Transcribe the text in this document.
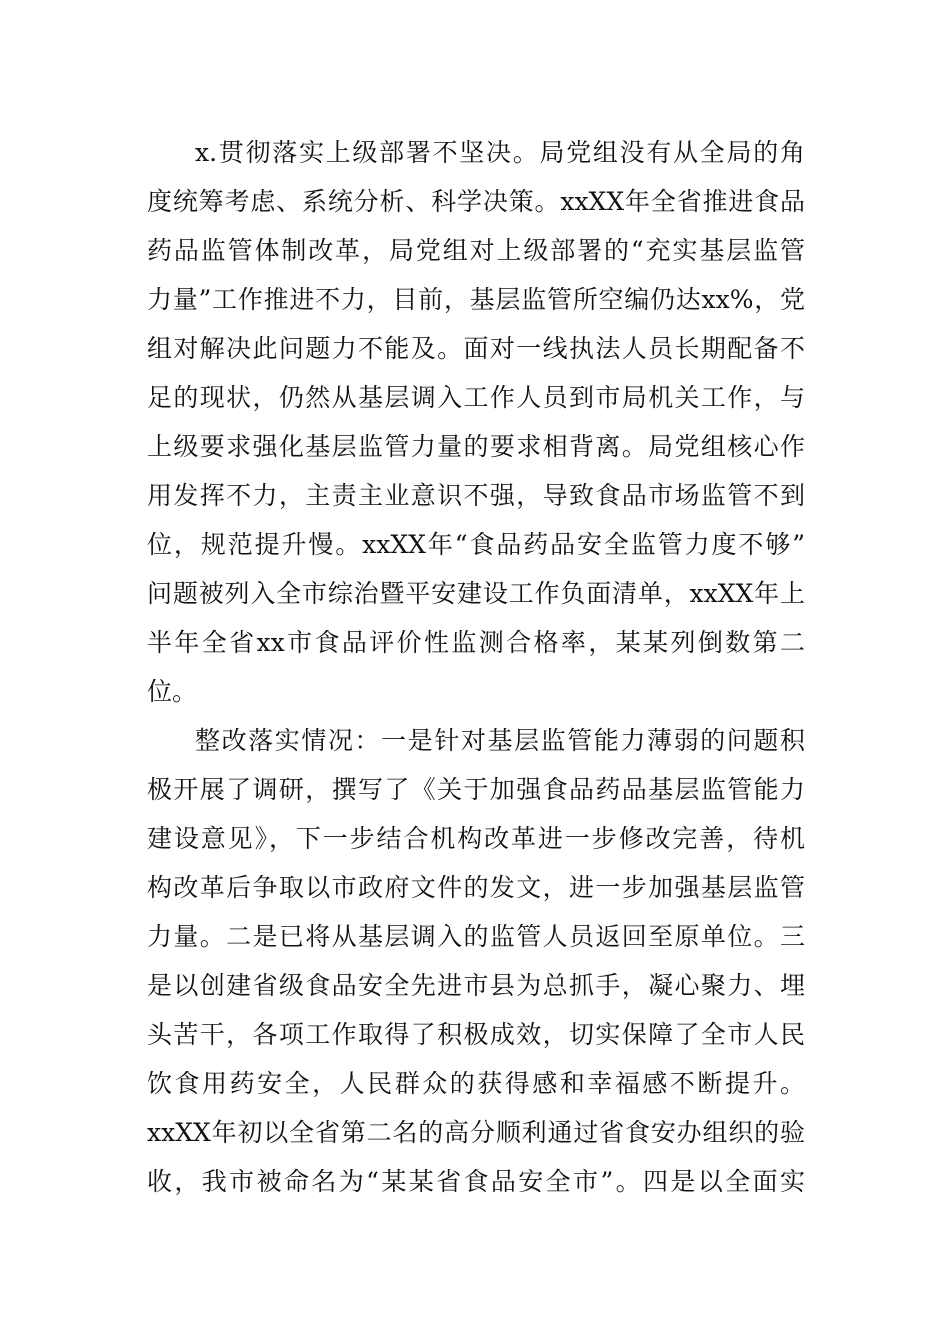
x.贯彻落实上级部署不坚决。局党组没有从全局的角
度统筹考虑、系统分析、科学决策。xxXX年全省推进食品
药品监管体制改革，局党组对上级部署的“充实基层监管
力量”工作推进不力，目前，基层监管所空编仍达xx%，党
组对解决此问题力不能及。面对一线执法人员长期配备不
足的现状，仍然从基层调入工作人员到市局机关工作，与
上级要求强化基层监管力量的要求相背离。局党组核心作
用发挥不力，主责主业意识不强，导致食品市场监管不到
位，规范提升慢。xxXX年“食品药品安全监管力度不够”
问题被列入全市综治暨平安建设工作负面清单，xxXX年上
半年全省xx市食品评价性监测合格率，某某列倒数第二
位。
整改落实情况：一是针对基层监管能力薄弱的问题积
极开展了调研，撰写了《关于加强食品药品基层监管能力
建设意见》，下一步结合机构改革进一步修改完善，待机
构改革后争取以市政府文件的发文，进一步加强基层监管
力量。二是已将从基层调入的监管人员返回至原单位。三
是以创建省级食品安全先进市县为总抓手，凝心聚力、埋
头苦干，各项工作取得了积极成效，切实保障了全市人民
饮食用药安全，人民群众的获得感和幸福感不断提升。
xxXX年初以全省第二名的高分顺利通过省食安办组织的验
收，我市被命名为“某某省食品安全市”。四是以全面实
